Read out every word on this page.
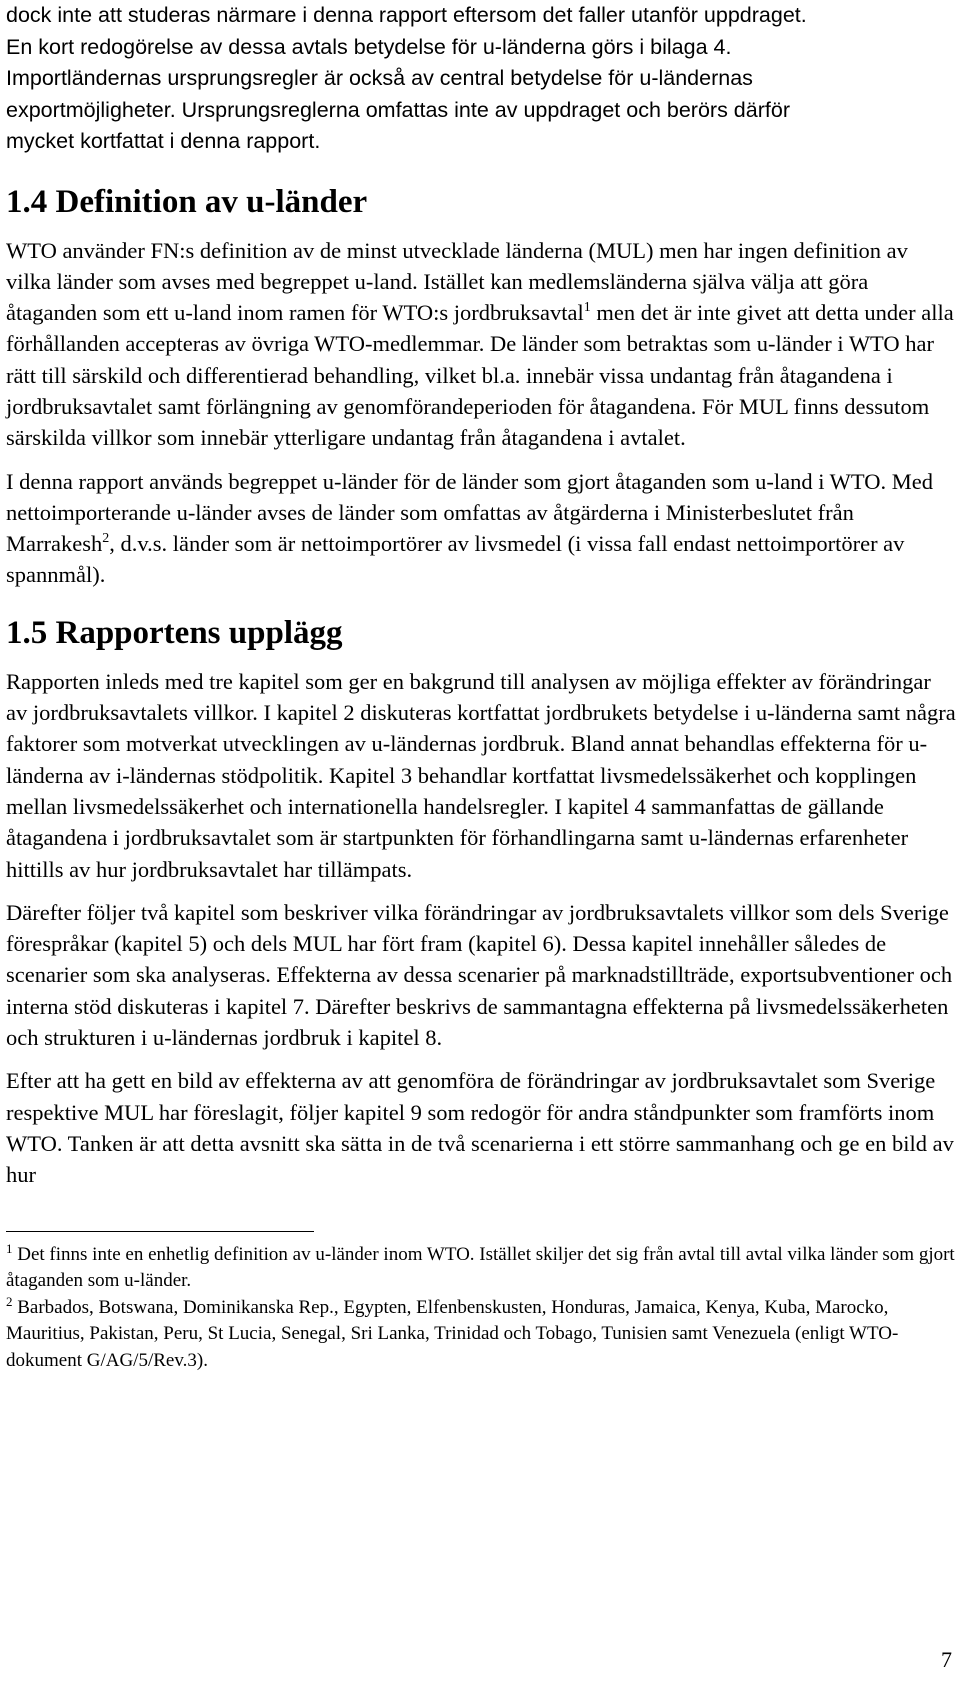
dock inte att studeras närmare i denna rapport eftersom det faller utanför uppdraget.
En kort redogörelse av dessa avtals betydelse för u-länderna görs i bilaga 4.
Importländernas ursprungsregler är också av central betydelse för u-ländernas
exportmöjligheter. Ursprungsreglerna omfattas inte av uppdraget och berörs därför
mycket kortfattat i denna rapport.
1.4 Definition av u-länder

WTO använder FN:s definition av de minst utvecklade länderna (MUL) men har ingen definition av vilka länder som avses med begreppet u-land. Istället kan medlemsländerna själva välja att göra åtaganden som ett u-land inom ramen för WTO:s jordbruksavtal$^1$ men det är inte givet att detta under alla förhållanden accepteras av övriga WTO-medlemmar. De länder som betraktas som u-länder i WTO har rätt till särskild och differentierad behandling, vilket bl.a. innebär vissa undantag från åtagandena i jordbruksavtalet samt förlängning av genomförandeperioden för åtagandena. För MUL finns dessutom särskilda villkor som innebär ytterligare undantag från åtagandena i avtalet.

I denna rapport används begreppet u-länder för de länder som gjort åtaganden som u-land i WTO. Med nettoimporterande u-länder avses de länder som omfattas av åtgärderna i Ministerbeslutet från Marrakesh$^2$, d.v.s. länder som är nettoimportörer av livsmedel (i vissa fall endast nettoimportörer av spannmål).

1.5 Rapportens upplägg

Rapporten inleds med tre kapitel som ger en bakgrund till analysen av möjliga effekter av förändringar av jordbruksavtalets villkor. I kapitel 2 diskuteras kortfattat jordbrukets betydelse i u-länderna samt några faktorer som motverkat utvecklingen av u-ländernas jordbruk. Bland annat behandlas effekterna för u-länderna av i-ländernas stödpolitik. Kapitel 3 behandlar kortfattat livsmedelssäkerhet och kopplingen mellan livsmedelssäkerhet och internationella handelsregler. I kapitel 4 sammanfattas de gällande åtagandena i jordbruksavtalet som är startpunkten för förhandlingarna samt u-ländernas erfarenheter hittills av hur jordbruksavtalet har tillämpats.

Därefter följer två kapitel som beskriver vilka förändringar av jordbruksavtalets villkor som dels Sverige förespråkar (kapitel 5) och dels MUL har fört fram (kapitel 6). Dessa kapitel innehåller således de scenarier som ska analyseras. Effekterna av dessa scenarier på marknadstillträde, exportsubventioner och interna stöd diskuteras i kapitel 7. Därefter beskrivs de sammantagna effekterna på livsmedelssäkerheten och strukturen i u-ländernas jordbruk i kapitel 8.

Efter att ha gett en bild av effekterna av att genomföra de förändringar av jordbruksavtalet som Sverige respektive MUL har föreslagit, följer kapitel 9 som redogör för andra ståndpunkter som framförts inom WTO. Tanken är att detta avsnitt ska sätta in de två scenarierna i ett större sammanhang och ge en bild av hur

$^1$ Det finns inte en enhetlig definition av u-länder inom WTO. Istället skiljer det sig från avtal till avtal vilka länder som gjort åtaganden som u-länder.

$^2$ Barbados, Botswana, Dominikanska Rep., Egypten, Elfenbenskusten, Honduras, Jamaica, Kenya, Kuba, Marocko, Mauritius, Pakistan, Peru, St Lucia, Senegal, Sri Lanka, Trinidad och Tobago, Tunisien samt Venezuela (enligt WTO-dokument G/AG/5/Rev.3).

7
